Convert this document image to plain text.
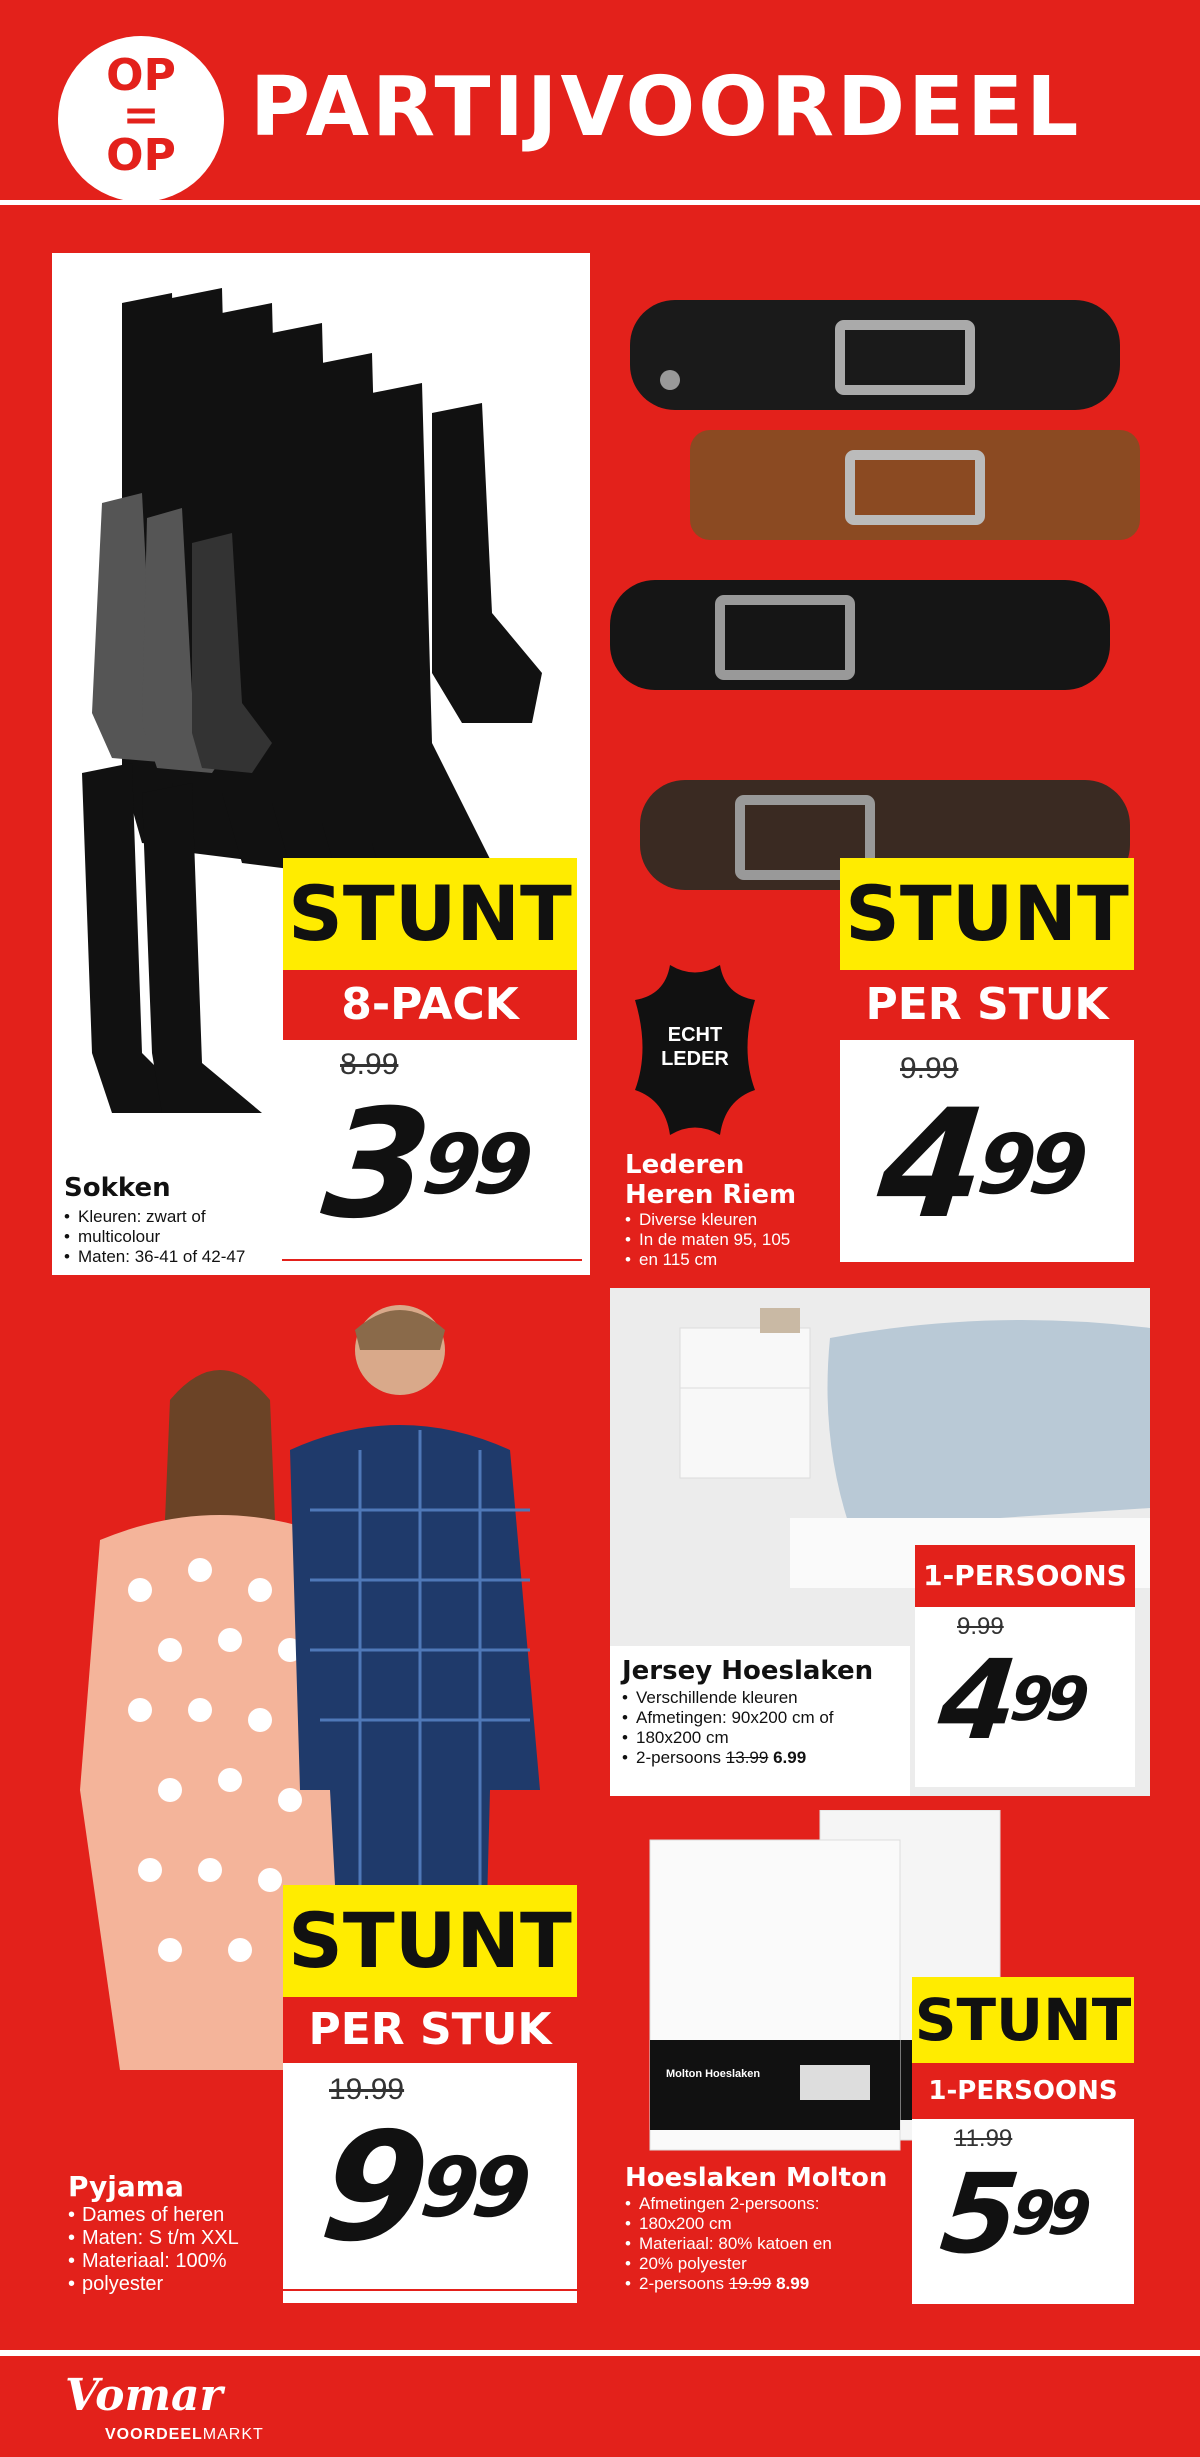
OP
=
OP
PARTIJVOORDEEL
Sokken
• Kleuren: zwart of
• multicolour
• Maten: 36-41 of 42-47
STUNT
8-PACK
8.99
$3^{99}$
ECHT
LEDER
Lederen
Heren Riem
• Diverse kleuren
• In de maten 95, 105
• en 115 cm
STUNT
PER STUK
9.99
$4^{99}$
Jersey Hoeslaken
• Verschillende kleuren
• Afmetingen: 90x200 cm of
• 180x200 cm
• 2-persoons 13.99 6.99
1-PERSOONS
9.99
$4^{99}$
Pyjama
• Dames of heren
• Maten: S t/m XXL
• Materiaal: 100%
• polyester
STUNT
PER STUK
19.99
$9^{99}$
Molton Hoeslaken
Hoeslaken Molton
• Afmetingen 2-persoons:
• 180x200 cm
• Materiaal: 80% katoen en
• 20% polyester
• 2-persoons 19.99 8.99
STUNT
1-PERSOONS
11.99
$5^{99}$
Vomar
VOORDEELMARKT
